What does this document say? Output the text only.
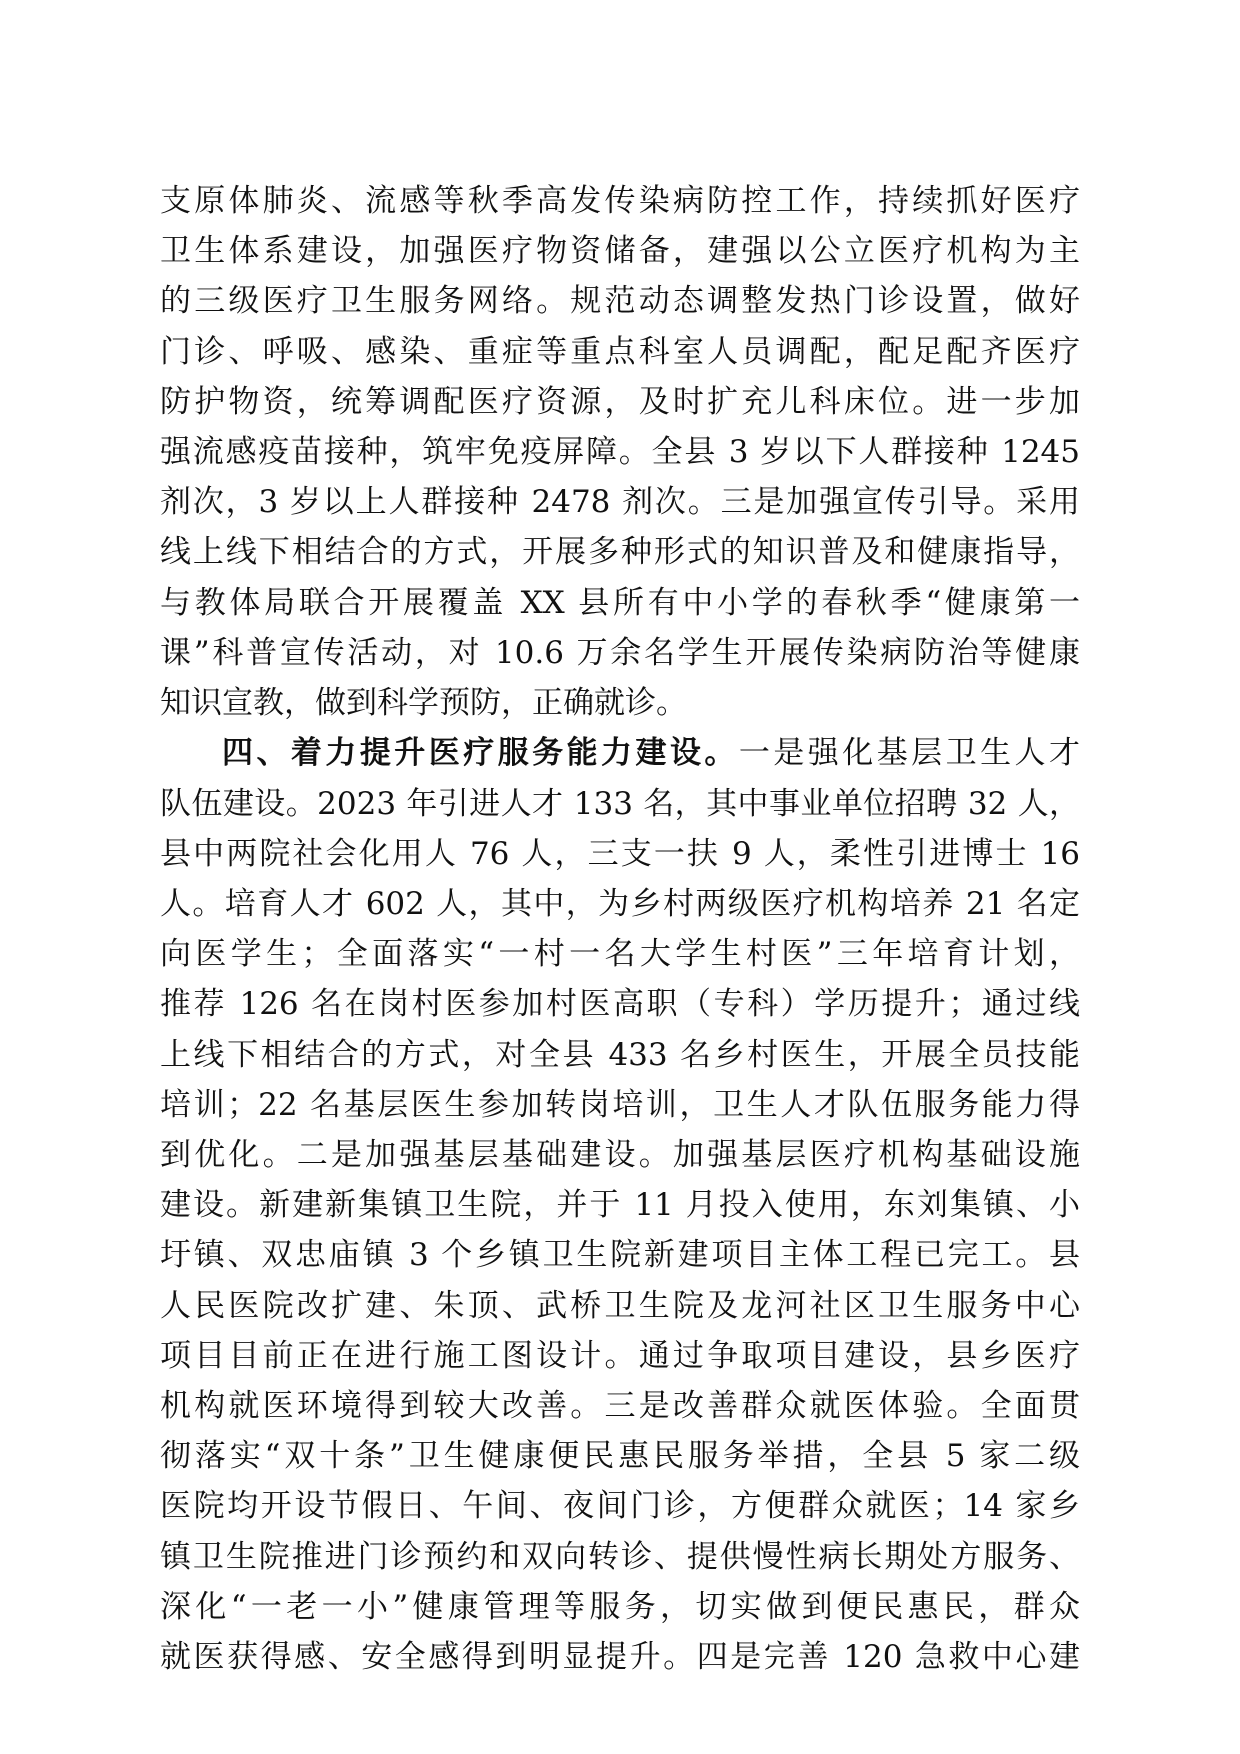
支原体肺炎、流感等秋季高发传染病防控工作，持续抓好医疗
卫生体系建设，加强医疗物资储备，建强以公立医疗机构为主
的三级医疗卫生服务网络。规范动态调整发热门诊设置，做好
门诊、呼吸、感染、重症等重点科室人员调配，配足配齐医疗
防护物资，统筹调配医疗资源，及时扩充儿科床位。进一步加
强流感疫苗接种，筑牢免疫屏障。全县 3 岁以下人群接种 1245
剂次，3 岁以上人群接种 2478 剂次。三是加强宣传引导。采用
线上线下相结合的方式，开展多种形式的知识普及和健康指导，
与教体局联合开展覆盖 XX 县所有中小学的春秋季“健康第一
课”科普宣传活动，对 10.6 万余名学生开展传染病防治等健康
知识宣教，做到科学预防，正确就诊。
四、着力提升医疗服务能力建设。一是强化基层卫生人才
队伍建设。2023 年引进人才 133 名，其中事业单位招聘 32 人，
县中两院社会化用人 76 人，三支一扶 9 人，柔性引进博士 16
人。培育人才 602 人，其中，为乡村两级医疗机构培养 21 名定
向医学生；全面落实“一村一名大学生村医”三年培育计划，
推荐 126 名在岗村医参加村医高职（专科）学历提升；通过线
上线下相结合的方式，对全县 433 名乡村医生，开展全员技能
培训；22 名基层医生参加转岗培训，卫生人才队伍服务能力得
到优化。二是加强基层基础建设。加强基层医疗机构基础设施
建设。新建新集镇卫生院，并于 11 月投入使用，东刘集镇、小
圩镇、双忠庙镇 3 个乡镇卫生院新建项目主体工程已完工。县
人民医院改扩建、朱顶、武桥卫生院及龙河社区卫生服务中心
项目目前正在进行施工图设计。通过争取项目建设，县乡医疗
机构就医环境得到较大改善。三是改善群众就医体验。全面贯
彻落实“双十条”卫生健康便民惠民服务举措，全县 5 家二级
医院均开设节假日、午间、夜间门诊，方便群众就医；14 家乡
镇卫生院推进门诊预约和双向转诊、提供慢性病长期处方服务、
深化“一老一小”健康管理等服务，切实做到便民惠民，群众
就医获得感、安全感得到明显提升。四是完善 120 急救中心建
